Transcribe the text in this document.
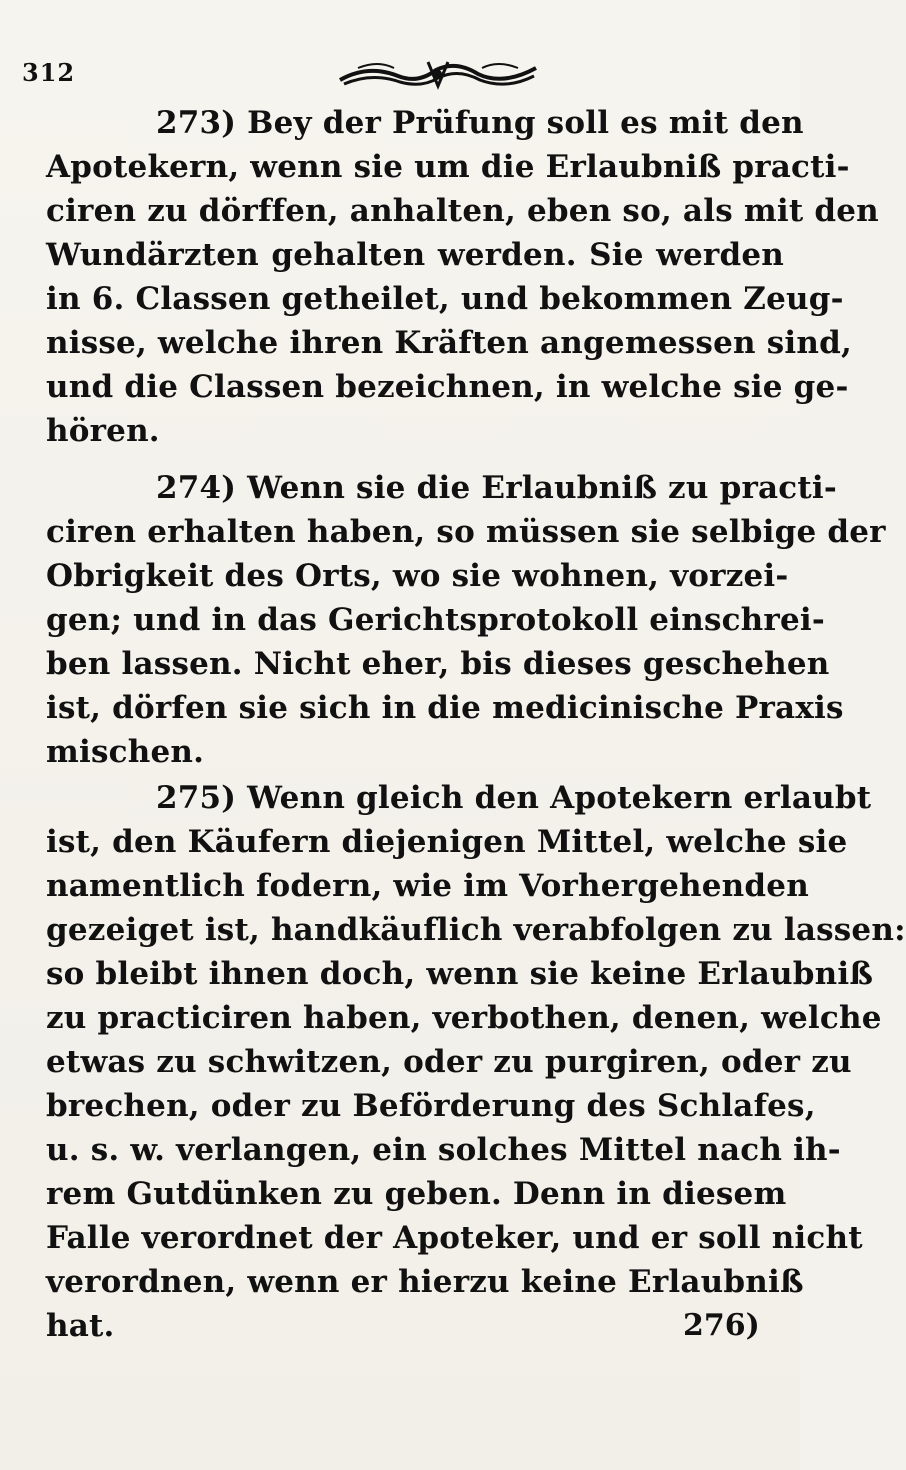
312
273) Bey der Prüfung soll es mit den
Apotekern, wenn sie um die Erlaubniß practi-
ciren zu dörffen, anhalten, eben so, als mit den
Wundärzten gehalten werden. Sie werden
in 6. Classen getheilet, und bekommen Zeug-
nisse, welche ihren Kräften angemessen sind,
und die Classen bezeichnen, in welche sie ge-
hören.
274) Wenn sie die Erlaubniß zu practi-
ciren erhalten haben, so müssen sie selbige der
Obrigkeit des Orts, wo sie wohnen, vorzei-
gen; und in das Gerichtsprotokoll einschrei-
ben lassen. Nicht eher, bis dieses geschehen
ist, dörfen sie sich in die medicinische Praxis
mischen.
275) Wenn gleich den Apotekern erlaubt
ist, den Käufern diejenigen Mittel, welche sie
namentlich fodern, wie im Vorhergehenden
gezeiget ist, handkäuflich verabfolgen zu lassen:
so bleibt ihnen doch, wenn sie keine Erlaubniß
zu practiciren haben, verbothen, denen, welche
etwas zu schwitzen, oder zu purgiren, oder zu
brechen, oder zu Beförderung des Schlafes,
u. s. w. verlangen, ein solches Mittel nach ih-
rem Gutdünken zu geben. Denn in diesem
Falle verordnet der Apoteker, und er soll nicht
verordnen, wenn er hierzu keine Erlaubniß
hat.	276)
